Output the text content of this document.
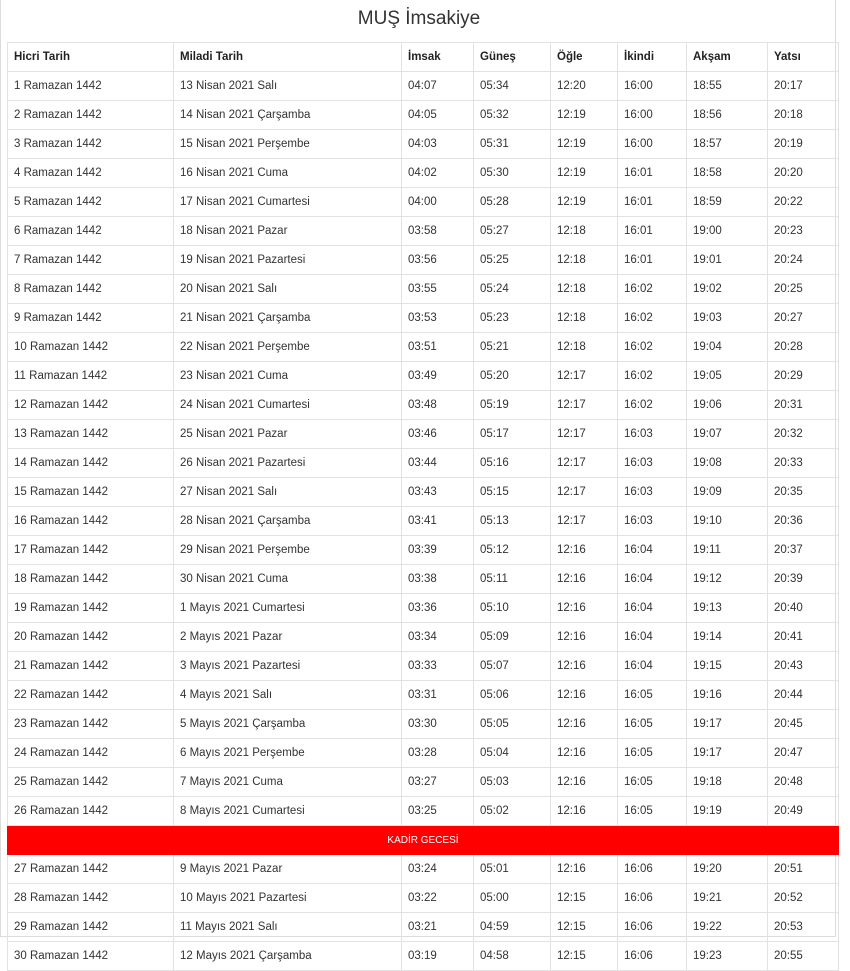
MUŞ İmsakiye
Hicri Tarih	Miladi Tarih	İmsak	Güneş	Öğle	İkindi	Akşam	Yatsı
1 Ramazan 1442	13 Nisan 2021 Salı	04:07	05:34	12:20	16:00	18:55	20:17
2 Ramazan 1442	14 Nisan 2021 Çarşamba	04:05	05:32	12:19	16:00	18:56	20:18
3 Ramazan 1442	15 Nisan 2021 Perşembe	04:03	05:31	12:19	16:00	18:57	20:19
4 Ramazan 1442	16 Nisan 2021 Cuma	04:02	05:30	12:19	16:01	18:58	20:20
5 Ramazan 1442	17 Nisan 2021 Cumartesi	04:00	05:28	12:19	16:01	18:59	20:22
6 Ramazan 1442	18 Nisan 2021 Pazar	03:58	05:27	12:18	16:01	19:00	20:23
7 Ramazan 1442	19 Nisan 2021 Pazartesi	03:56	05:25	12:18	16:01	19:01	20:24
8 Ramazan 1442	20 Nisan 2021 Salı	03:55	05:24	12:18	16:02	19:02	20:25
9 Ramazan 1442	21 Nisan 2021 Çarşamba	03:53	05:23	12:18	16:02	19:03	20:27
10 Ramazan 1442	22 Nisan 2021 Perşembe	03:51	05:21	12:18	16:02	19:04	20:28
11 Ramazan 1442	23 Nisan 2021 Cuma	03:49	05:20	12:17	16:02	19:05	20:29
12 Ramazan 1442	24 Nisan 2021 Cumartesi	03:48	05:19	12:17	16:02	19:06	20:31
13 Ramazan 1442	25 Nisan 2021 Pazar	03:46	05:17	12:17	16:03	19:07	20:32
14 Ramazan 1442	26 Nisan 2021 Pazartesi	03:44	05:16	12:17	16:03	19:08	20:33
15 Ramazan 1442	27 Nisan 2021 Salı	03:43	05:15	12:17	16:03	19:09	20:35
16 Ramazan 1442	28 Nisan 2021 Çarşamba	03:41	05:13	12:17	16:03	19:10	20:36
17 Ramazan 1442	29 Nisan 2021 Perşembe	03:39	05:12	12:16	16:04	19:11	20:37
18 Ramazan 1442	30 Nisan 2021 Cuma	03:38	05:11	12:16	16:04	19:12	20:39
19 Ramazan 1442	1 Mayıs 2021 Cumartesi	03:36	05:10	12:16	16:04	19:13	20:40
20 Ramazan 1442	2 Mayıs 2021 Pazar	03:34	05:09	12:16	16:04	19:14	20:41
21 Ramazan 1442	3 Mayıs 2021 Pazartesi	03:33	05:07	12:16	16:04	19:15	20:43
22 Ramazan 1442	4 Mayıs 2021 Salı	03:31	05:06	12:16	16:05	19:16	20:44
23 Ramazan 1442	5 Mayıs 2021 Çarşamba	03:30	05:05	12:16	16:05	19:17	20:45
24 Ramazan 1442	6 Mayıs 2021 Perşembe	03:28	05:04	12:16	16:05	19:17	20:47
25 Ramazan 1442	7 Mayıs 2021 Cuma	03:27	05:03	12:16	16:05	19:18	20:48
26 Ramazan 1442	8 Mayıs 2021 Cumartesi	03:25	05:02	12:16	16:05	19:19	20:49
KADİR GECESİ							
27 Ramazan 1442	9 Mayıs 2021 Pazar	03:24	05:01	12:16	16:06	19:20	20:51
28 Ramazan 1442	10 Mayıs 2021 Pazartesi	03:22	05:00	12:15	16:06	19:21	20:52
29 Ramazan 1442	11 Mayıs 2021 Salı	03:21	04:59	12:15	16:06	19:22	20:53
30 Ramazan 1442	12 Mayıs 2021 Çarşamba	03:19	04:58	12:15	16:06	19:23	20:55
